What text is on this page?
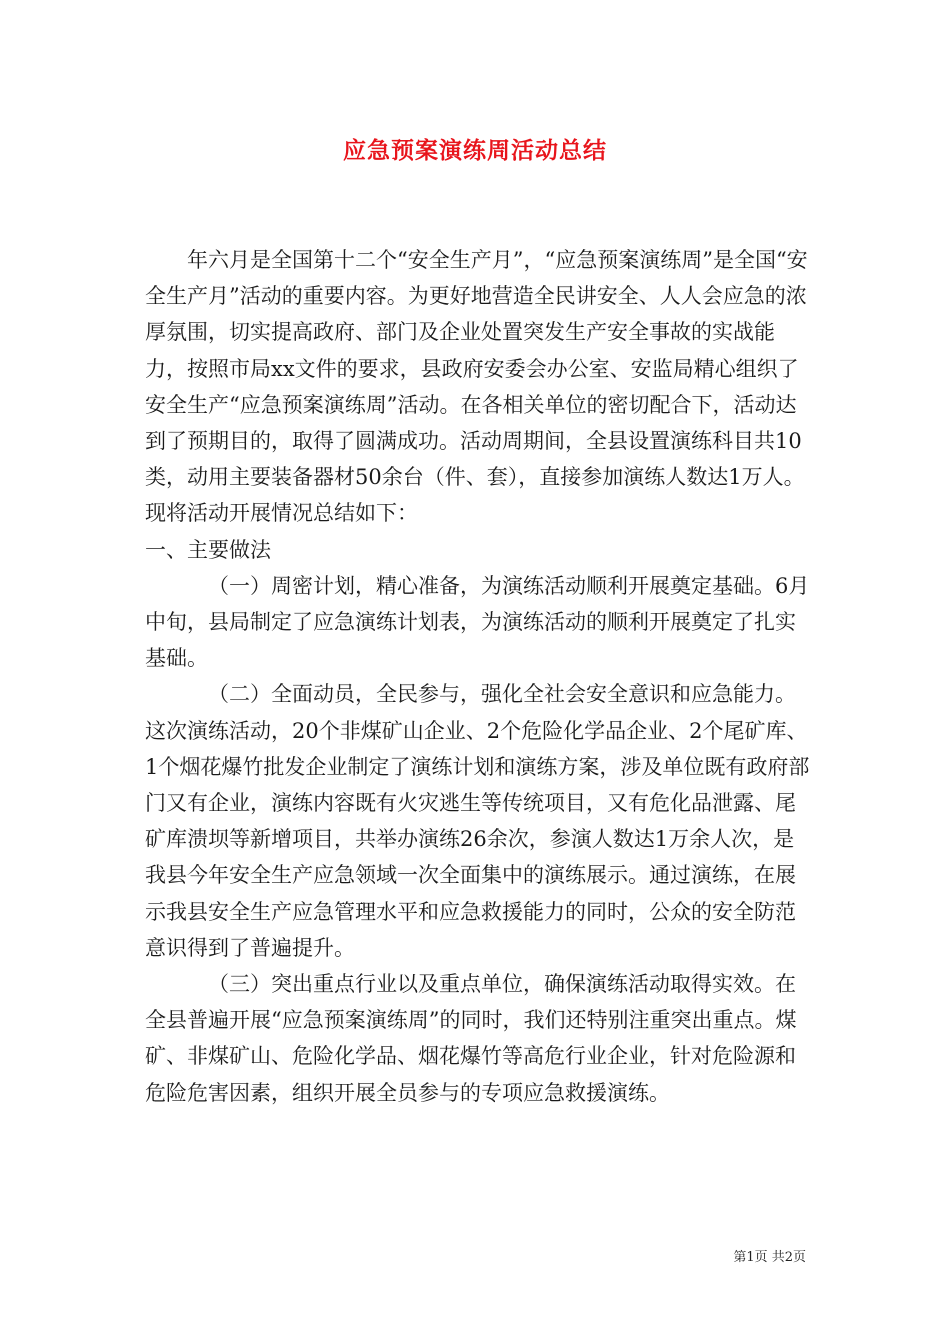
应急预案演练周活动总结

年六月是全国第十二个“安全生产月”，“应急预案演练周”是全国“安全生产月”活动的重要内容。为更好地营造全民讲安全、人人会应急的浓厚氛围，切实提高政府、部门及企业处置突发生产安全事故的实战能力，按照市局xx文件的要求，县政府安委会办公室、安监局精心组织了安全生产“应急预案演练周”活动。在各相关单位的密切配合下，活动达到了预期目的，取得了圆满成功。活动周期间，全县设置演练科目共10类，动用主要装备器材50余台（件、套），直接参加演练人数达1万人。现将活动开展情况总结如下：

一、主要做法

（一）周密计划，精心准备，为演练活动顺利开展奠定基础。6月中旬，县局制定了应急演练计划表，为演练活动的顺利开展奠定了扎实基础。

（二）全面动员，全民参与，强化全社会安全意识和应急能力。这次演练活动，20个非煤矿山企业、2个危险化学品企业、2个尾矿库、1个烟花爆竹批发企业制定了演练计划和演练方案，涉及单位既有政府部门又有企业，演练内容既有火灾逃生等传统项目，又有危化品泄露、尾矿库溃坝等新增项目，共举办演练26余次，参演人数达1万余人次，是我县今年安全生产应急领域一次全面集中的演练展示。通过演练，在展示我县安全生产应急管理水平和应急救援能力的同时，公众的安全防范意识得到了普遍提升。

（三）突出重点行业以及重点单位，确保演练活动取得实效。在全县普遍开展“应急预案演练周”的同时，我们还特别注重突出重点。煤矿、非煤矿山、危险化学品、烟花爆竹等高危行业企业，针对危险源和危险危害因素，组织开展全员参与的专项应急救援演练。

第1页 共2页
